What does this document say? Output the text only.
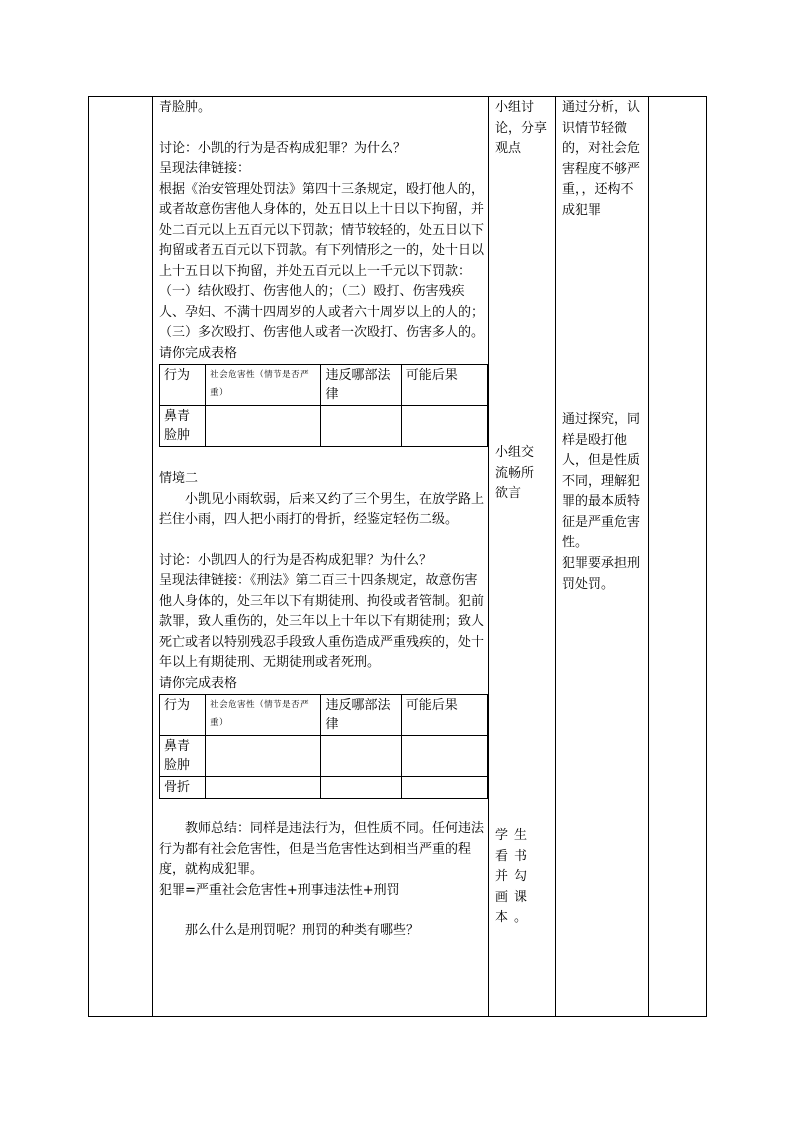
青脸肿。

讨论：小凯的行为是否构成犯罪？为什么？

呈现法律链接：

根据《治安管理处罚法》第四十三条规定，殴打他人的，或者故意伤害他人身体的，处五日以上十日以下拘留，并处二百元以上五百元以下罚款；情节较轻的，处五日以下拘留或者五百元以下罚款。有下列情形之一的，处十日以上十五日以下拘留，并处五百元以上一千元以下罚款：（一）结伙殴打、伤害他人的；（二）殴打、伤害残疾人、孕妇、不满十四周岁的人或者六十周岁以上的人的；（三）多次殴打、伤害他人或者一次殴打、伤害多人的。

请你完成表格

行为	社会危害性（情节是否严重）	违反哪部法律	可能后果
鼻青脸肿			

情境二

小凯见小雨软弱，后来又约了三个男生，在放学路上拦住小雨，四人把小雨打的骨折，经鉴定轻伤二级。

讨论：小凯四人的行为是否构成犯罪？为什么？

呈现法律链接：《刑法》第二百三十四条规定，故意伤害他人身体的，处三年以下有期徒刑、拘役或者管制。犯前款罪，致人重伤的，处三年以上十年以下有期徒刑；致人死亡或者以特别残忍手段致人重伤造成严重残疾的，处十年以上有期徒刑、无期徒刑或者死刑。

请你完成表格

行为	社会危害性（情节是否严重）	违反哪部法律	可能后果
鼻青脸肿			
骨折			

教师总结：同样是违法行为，但性质不同。任何违法行为都有社会危害性，但是当危害性达到相当严重的程度，就构成犯罪。

犯罪=严重社会危害性+刑事违法性+刑罚

那么什么是刑罚呢？刑罚的种类有哪些？

小组讨论，分享观点
小组交流畅所欲言
学生看书并勾画课本。
通过分析，认识情节轻微的，对社会危害程度不够严重，，还构不成犯罪
通过探究，同样是殴打他人，但是性质不同，理解犯罪的最本质特征是严重危害性。
犯罪要承担刑罚处罚。
